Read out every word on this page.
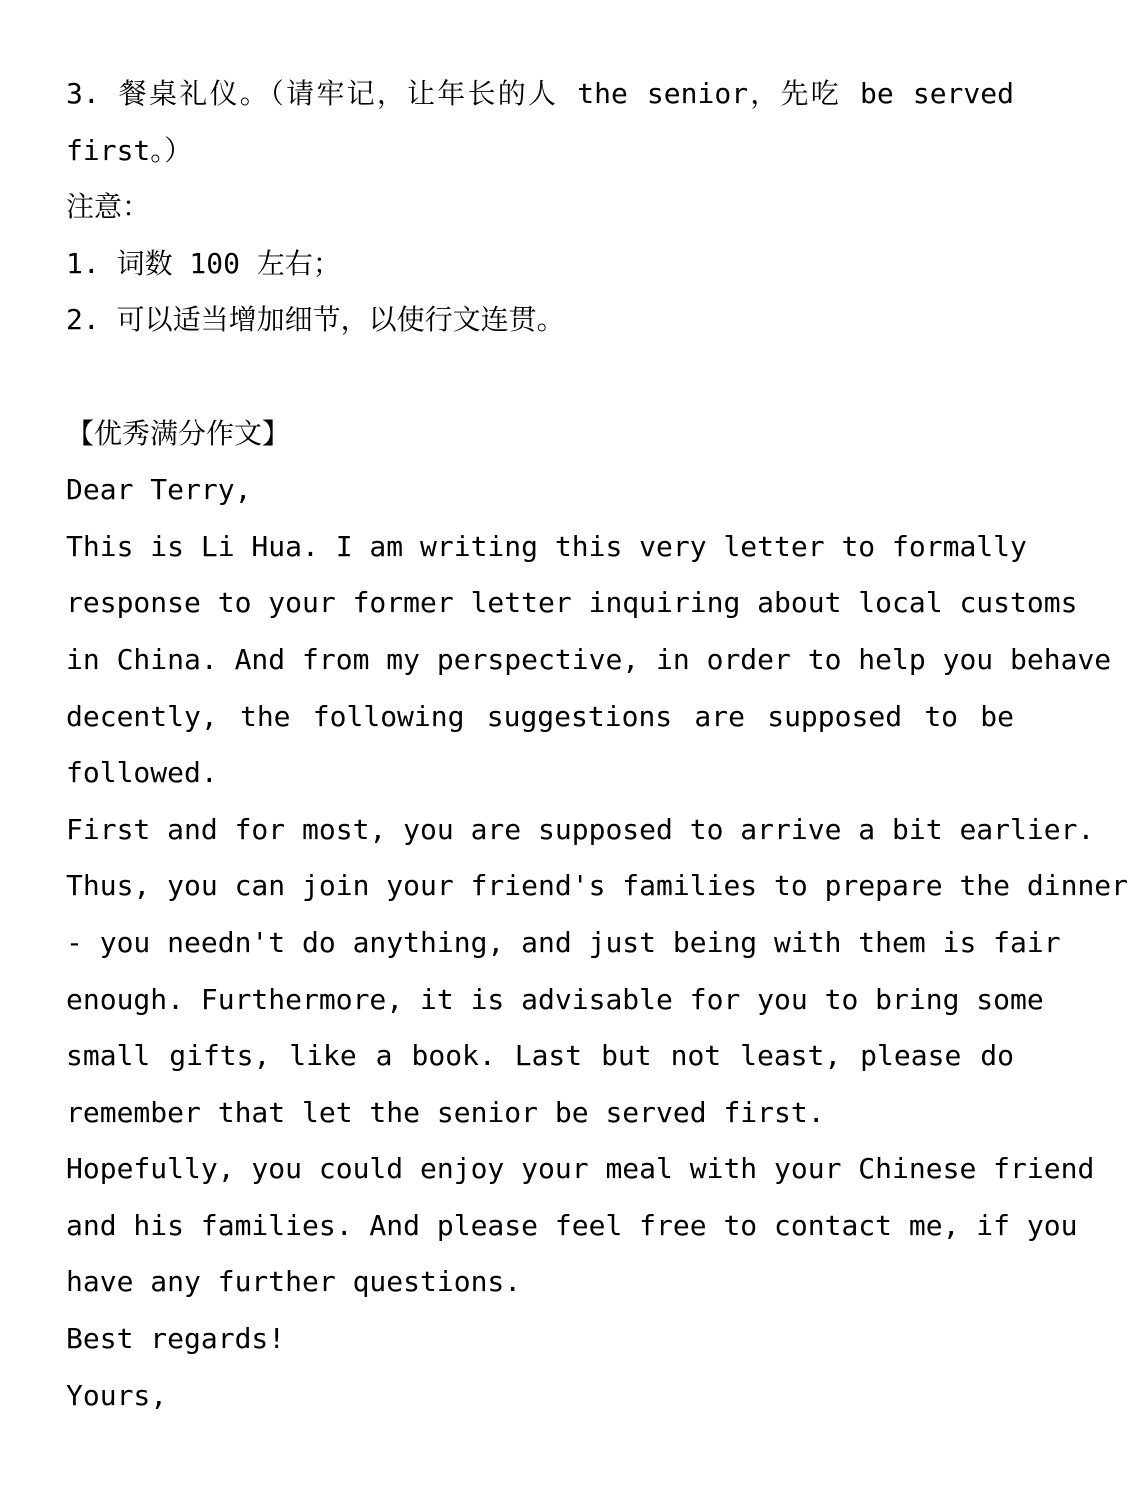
3. 餐桌礼仪。（请牢记，让年长的人 the senior，先吃 be served
first。）
注意：
1. 词数 100 左右；
2. 可以适当增加细节，以使行文连贯。
【优秀满分作文】
Dear Terry,
This is Li Hua. I am writing this very letter to formally
response to your former letter inquiring about local customs
in China. And from my perspective, in order to help you behave
decently, the following suggestions are supposed to be
followed.
First and for most, you are supposed to arrive a bit earlier.
Thus, you can join your friend's families to prepare the dinner
- you needn't do anything, and just being with them is fair
enough. Furthermore, it is advisable for you to bring some
small gifts, like a book. Last but not least, please do
remember that let the senior be served first.
Hopefully, you could enjoy your meal with your Chinese friend
and his families. And please feel free to contact me, if you
have any further questions.
Best regards!
Yours,
